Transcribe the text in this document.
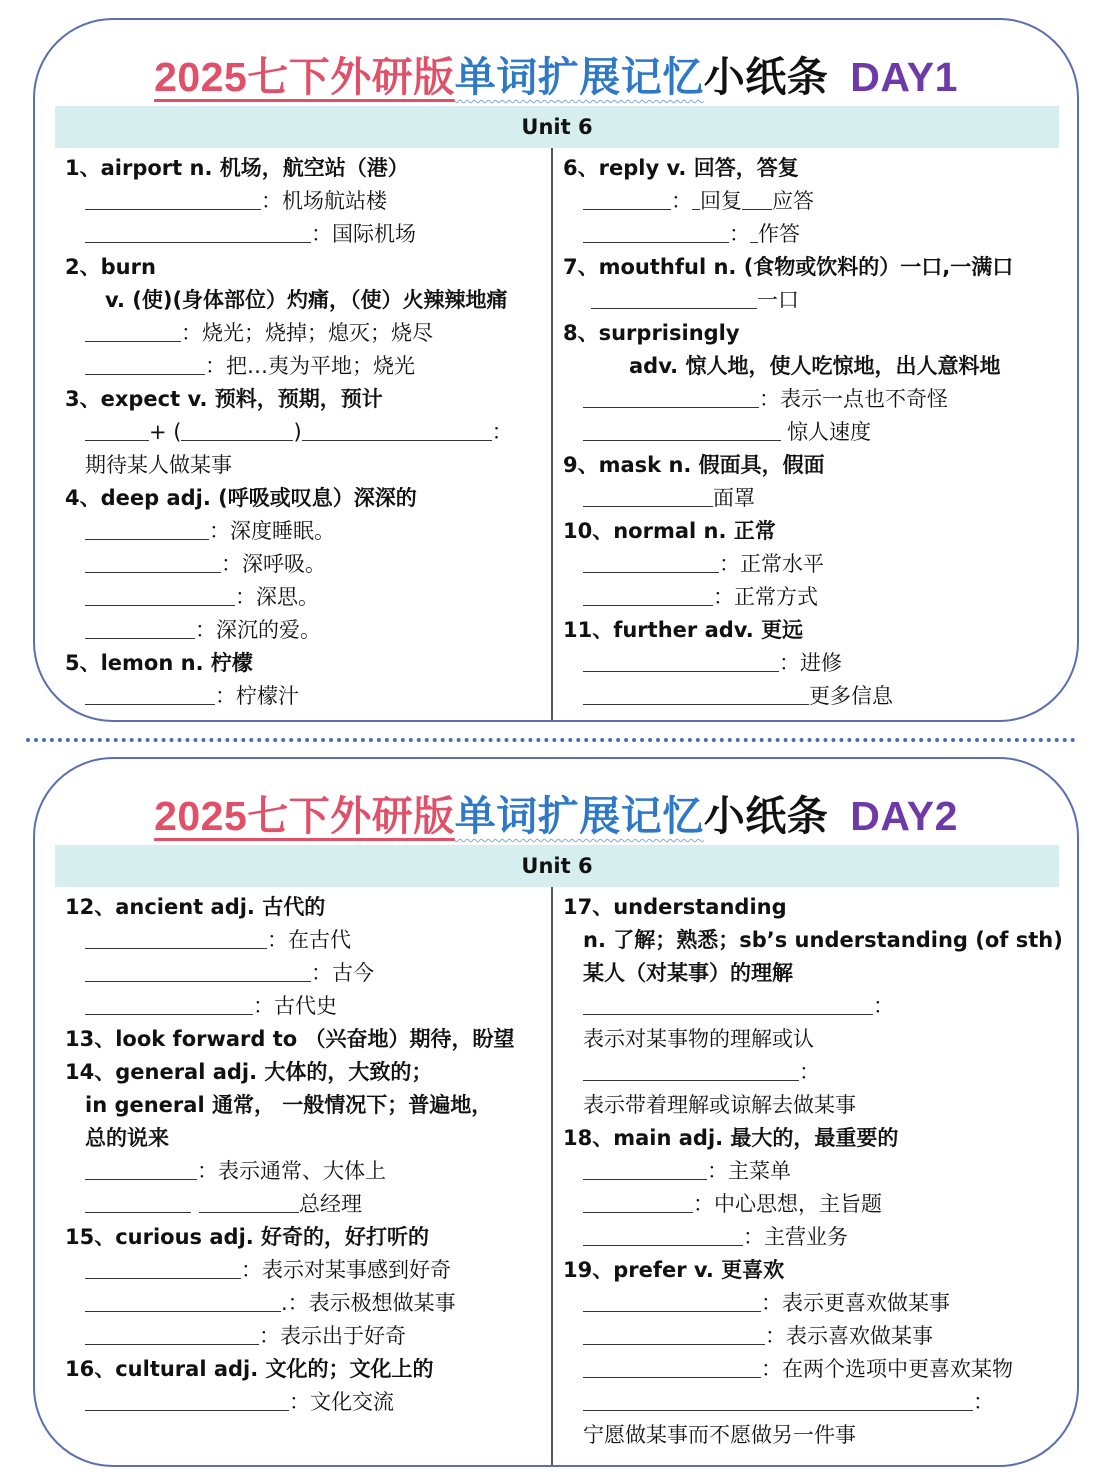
2025七下外研版单词扩展记忆小纸条 DAY1
Unit 6
1、airport n. 机场，航空站（港）
：机场航站楼
：国际机场
2、burn
v. (使)(身体部位）灼痛，（使）火辣辣地痛
：烧光；烧掉；熄灭；烧尽
：把…夷为平地；烧光
3、expect v. 预料，预期，预计
+ (	)	：
期待某人做某事
4、deep adj. (呼吸或叹息）深深的
：深度睡眠。
：深呼吸。
：深思。
：深沉的爱。
5、lemon n. 柠檬
：柠檬汁
6、reply v. 回答，答复
： 回复 应答
： 作答
7、mouthful n. (食物或饮料的）一口,一满口
一口
8、surprisingly
adv. 惊人地，使人吃惊地，出人意料地
：表示一点也不奇怪
惊人速度
9、mask n. 假面具，假面
面罩
10、normal n. 正常
：正常水平
：正常方式
11、further adv. 更远
：进修
更多信息
2025七下外研版单词扩展记忆小纸条 DAY2
Unit 6
12、ancient adj. 古代的
：在古代
：古今
：古代史
13、look forward to （兴奋地）期待，盼望
14、general adj. 大体的，大致的；
in general 通常， 一般情况下；普遍地，
总的说来
：表示通常、大体上
总经理
15、curious adj. 好奇的，好打听的
：表示对某事感到好奇
.：表示极想做某事
：表示出于好奇
16、cultural adj. 文化的；文化上的
：文化交流
17、understanding
n. 了解；熟悉；sb’s understanding (of sth)
某人（对某事）的理解
：
表示对某事物的理解或认
：
表示带着理解或谅解去做某事
18、main adj. 最大的，最重要的
：主菜单
：中心思想，主旨题
：主营业务
19、prefer v. 更喜欢
：表示更喜欢做某事
：表示喜欢做某事
：在两个选项中更喜欢某物
：
宁愿做某事而不愿做另一件事
